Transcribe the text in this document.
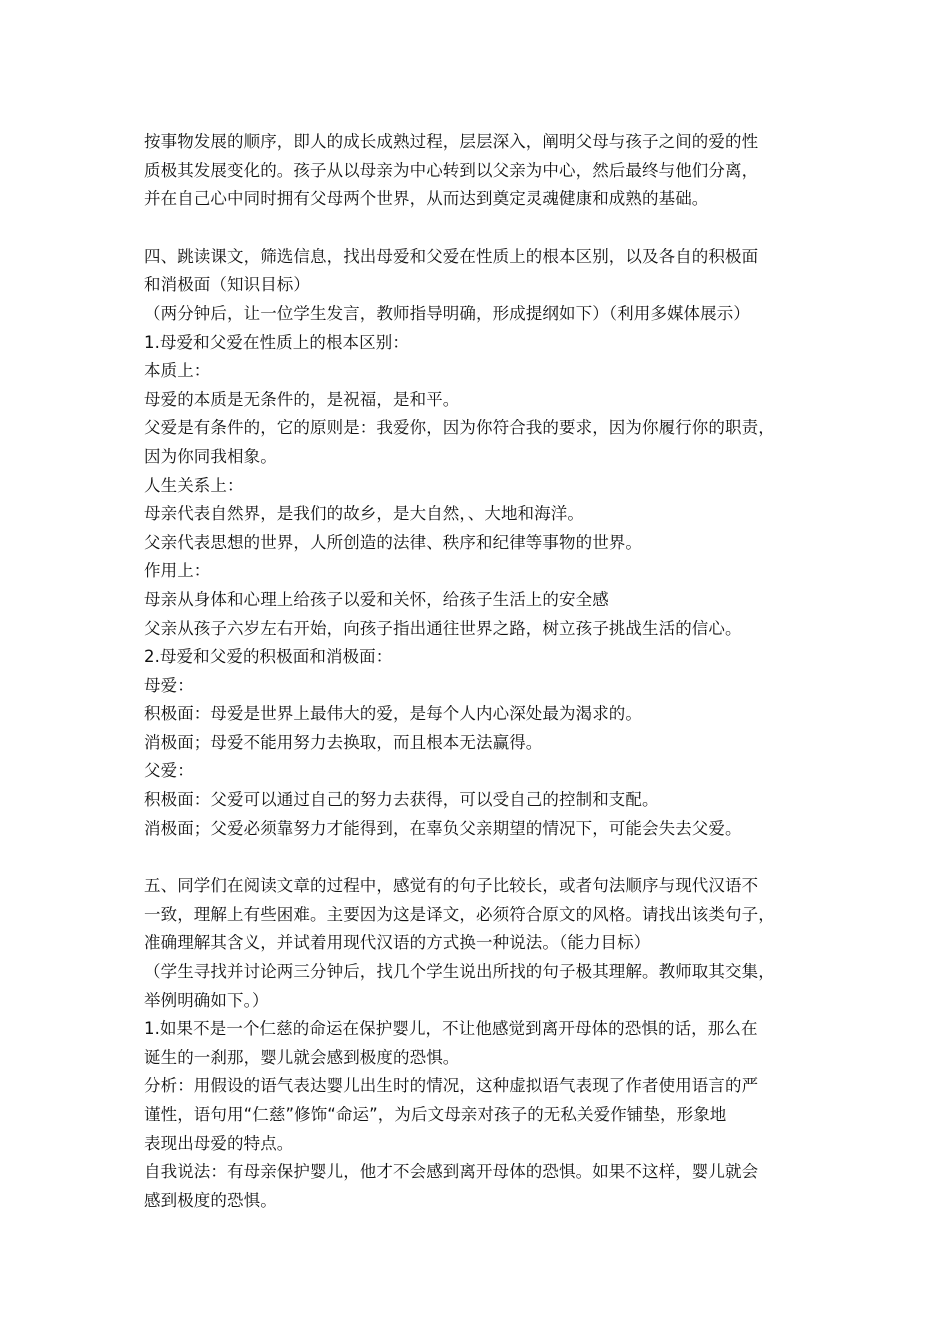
按事物发展的顺序，即人的成长成熟过程，层层深入，阐明父母与孩子之间的爱的性
质极其发展变化的。孩子从以母亲为中心转到以父亲为中心，然后最终与他们分离，
并在自己心中同时拥有父母两个世界，从而达到奠定灵魂健康和成熟的基础。
四、跳读课文，筛选信息，找出母爱和父爱在性质上的根本区别，以及各自的积极面
和消极面（知识目标）
（两分钟后，让一位学生发言，教师指导明确，形成提纲如下）（利用多媒体展示）
1.母爱和父爱在性质上的根本区别：
本质上：
母爱的本质是无条件的，是祝福，是和平。
父爱是有条件的，它的原则是：我爱你，因为你符合我的要求，因为你履行你的职责，
因为你同我相象。
人生关系上：
母亲代表自然界，是我们的故乡，是大自然，、大地和海洋。
父亲代表思想的世界，人所创造的法律、秩序和纪律等事物的世界。
作用上：
母亲从身体和心理上给孩子以爱和关怀，给孩子生活上的安全感
父亲从孩子六岁左右开始，向孩子指出通往世界之路，树立孩子挑战生活的信心。
2.母爱和父爱的积极面和消极面：
母爱：
积极面：母爱是世界上最伟大的爱，是每个人内心深处最为渴求的。
消极面；母爱不能用努力去换取，而且根本无法赢得。
父爱：
积极面：父爱可以通过自己的努力去获得，可以受自己的控制和支配。
消极面；父爱必须靠努力才能得到，在辜负父亲期望的情况下，可能会失去父爱。
五、同学们在阅读文章的过程中，感觉有的句子比较长，或者句法顺序与现代汉语不
一致，理解上有些困难。主要因为这是译文，必须符合原文的风格。请找出该类句子，
准确理解其含义，并试着用现代汉语的方式换一种说法。（能力目标）
（学生寻找并讨论两三分钟后，找几个学生说出所找的句子极其理解。教师取其交集，
举例明确如下。）
1.如果不是一个仁慈的命运在保护婴儿，不让他感觉到离开母体的恐惧的话，那么在
诞生的一刹那，婴儿就会感到极度的恐惧。
分析：用假设的语气表达婴儿出生时的情况，这种虚拟语气表现了作者使用语言的严
谨性，语句用“仁慈”修饰“命运”，为后文母亲对孩子的无私关爱作铺垫，形象地
表现出母爱的特点。
自我说法：有母亲保护婴儿，他才不会感到离开母体的恐惧。如果不这样，婴儿就会
感到极度的恐惧。
